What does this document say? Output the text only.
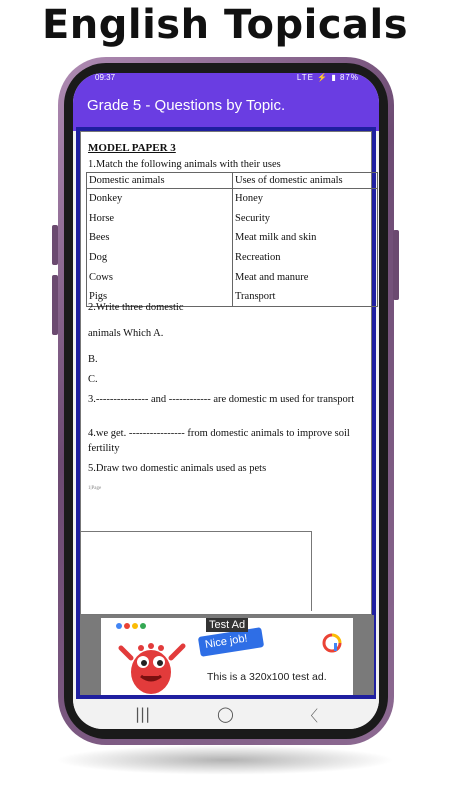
English Topicals
09:37	LTE ⚡ ▮ 87%
Grade 5 - Questions by Topic.
MODEL PAPER 3
1.Match the following animals with their uses
Domestic animals	Uses of domestic animals
Donkey	Honey
Horse	Security
Bees	Meat milk and skin
Dog	Recreation
Cows	Meat and manure
Pigs	Transport
2.Write three domestic
animals Which A.
B.
C.
3.--------------- and ------------ are domestic m used for transport
4.we get. ---------------- from domestic animals to improve soil fertility
5.Draw two domestic animals used as pets
1|Page
Test Ad
Nice job!
This is a 320x100 test ad.
|||	◯	〈
